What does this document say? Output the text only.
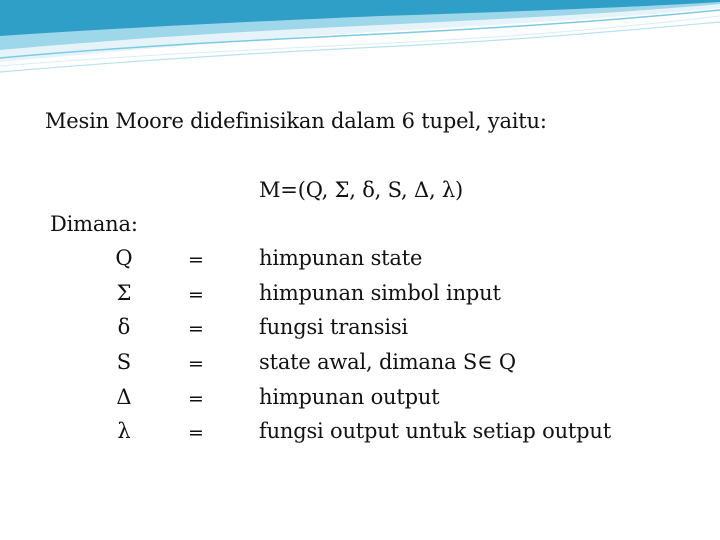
Mesin Moore didefinisikan dalam 6 tupel, yaitu:
M=(Q, Σ, δ, S, Δ, λ)
Dimana:
Q	=	himpunan state
Σ	=	himpunan simbol input
δ	=	fungsi transisi
S	=	state awal, dimana S∈ Q
Δ	=	himpunan output
λ	=	fungsi output untuk setiap output
